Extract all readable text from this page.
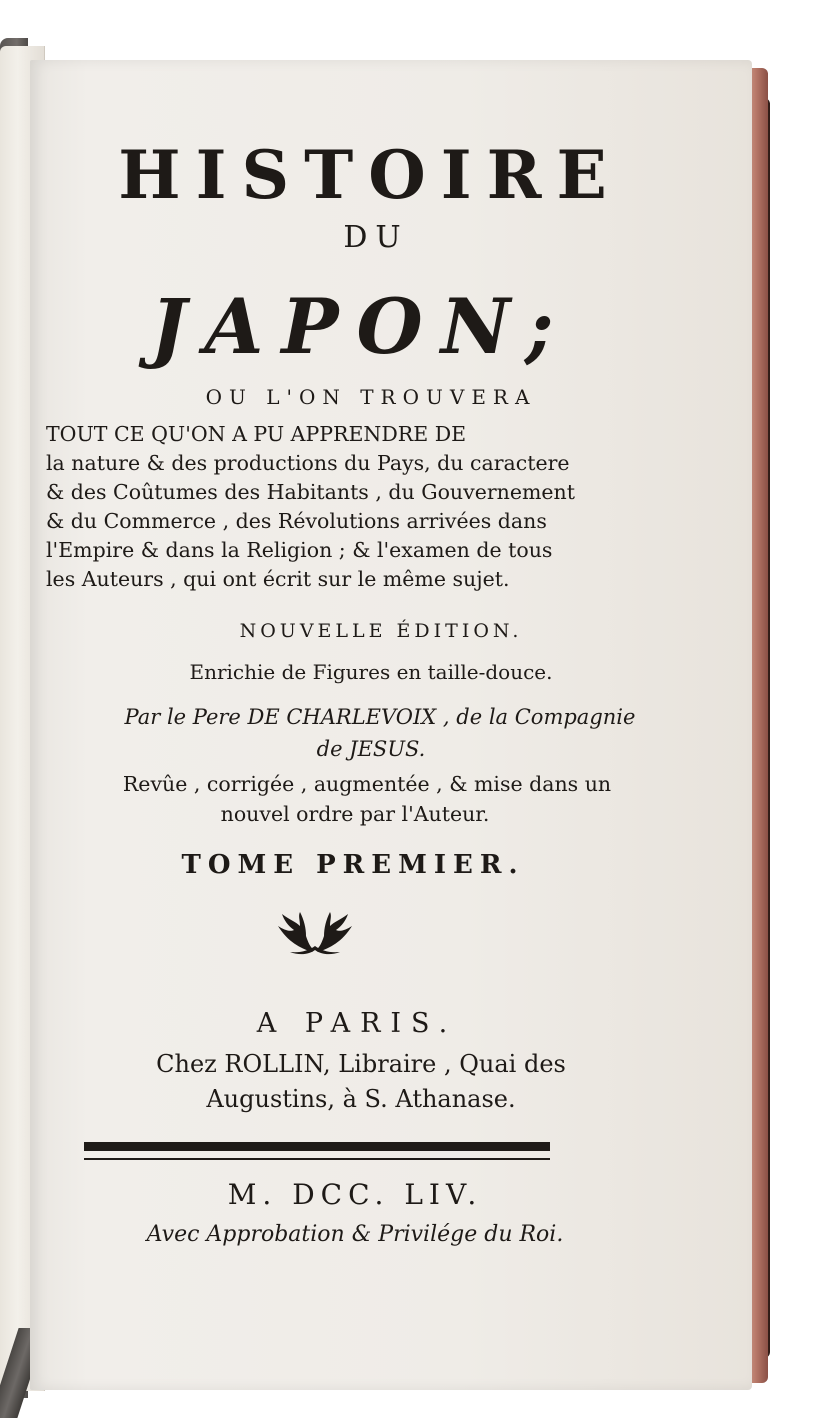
HISTOIRE

DU

JAPON;

OU L'ON TROUVERA

TOUT CE QU'ON A PU APPRENDRE DE
la nature & des productions du Pays, du caractere
& des Coûtumes des Habitants , du Gouvernement
& du Commerce , des Révolutions arrivées dans
l'Empire & dans la Religion ; & l'examen de tous
les Auteurs , qui ont écrit sur le même sujet.

NOUVELLE ÉDITION.

Enrichie de Figures en taille-douce.

Par le Pere DE CHARLEVOIX , de la Compagnie

de JESUS.

Revûe , corrigée , augmentée , & mise dans un

nouvel ordre par l'Auteur.

TOME PREMIER.

A PARIS.

Chez ROLLIN, Libraire , Quai des

Augustins, à S. Athanase.

M. DCC. LIV.

Avec Approbation & Privilége du Roi.
